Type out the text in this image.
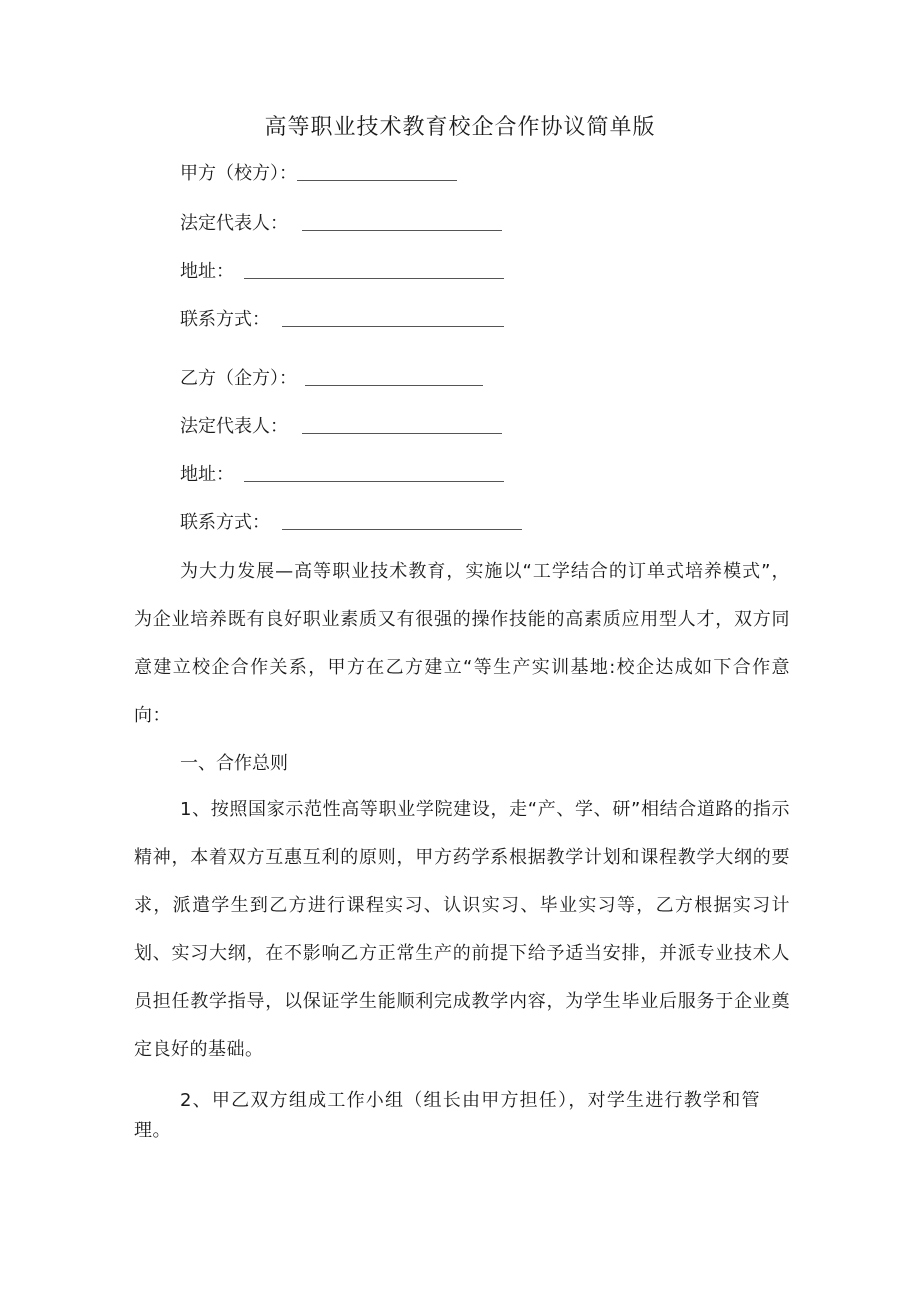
高等职业技术教育校企合作协议简单版
甲方（校方）：
法定代表人：
地址：
联系方式：
乙方（企方）：
法定代表人：
地址：
联系方式：
为大力发展—高等职业技术教育，实施以“工学结合的订单式培养模式”，为企业培养既有良好职业素质又有很强的操作技能的高素质应用型人才，双方同意建立校企合作关系，甲方在乙方建立“等生产实训基地:校企达成如下合作意向：
一、合作总则
1、按照国家示范性高等职业学院建设，走“产、学、研”相结合道路的指示精神，本着双方互惠互利的原则，甲方药学系根据教学计划和课程教学大纲的要求，派遣学生到乙方进行课程实习、认识实习、毕业实习等，乙方根据实习计划、实习大纲，在不影响乙方正常生产的前提下给予适当安排，并派专业技术人员担任教学指导，以保证学生能顺利完成教学内容，为学生毕业后服务于企业奠定良好的基础。
2、甲乙双方组成工作小组（组长由甲方担任），对学生进行教学和管理。
